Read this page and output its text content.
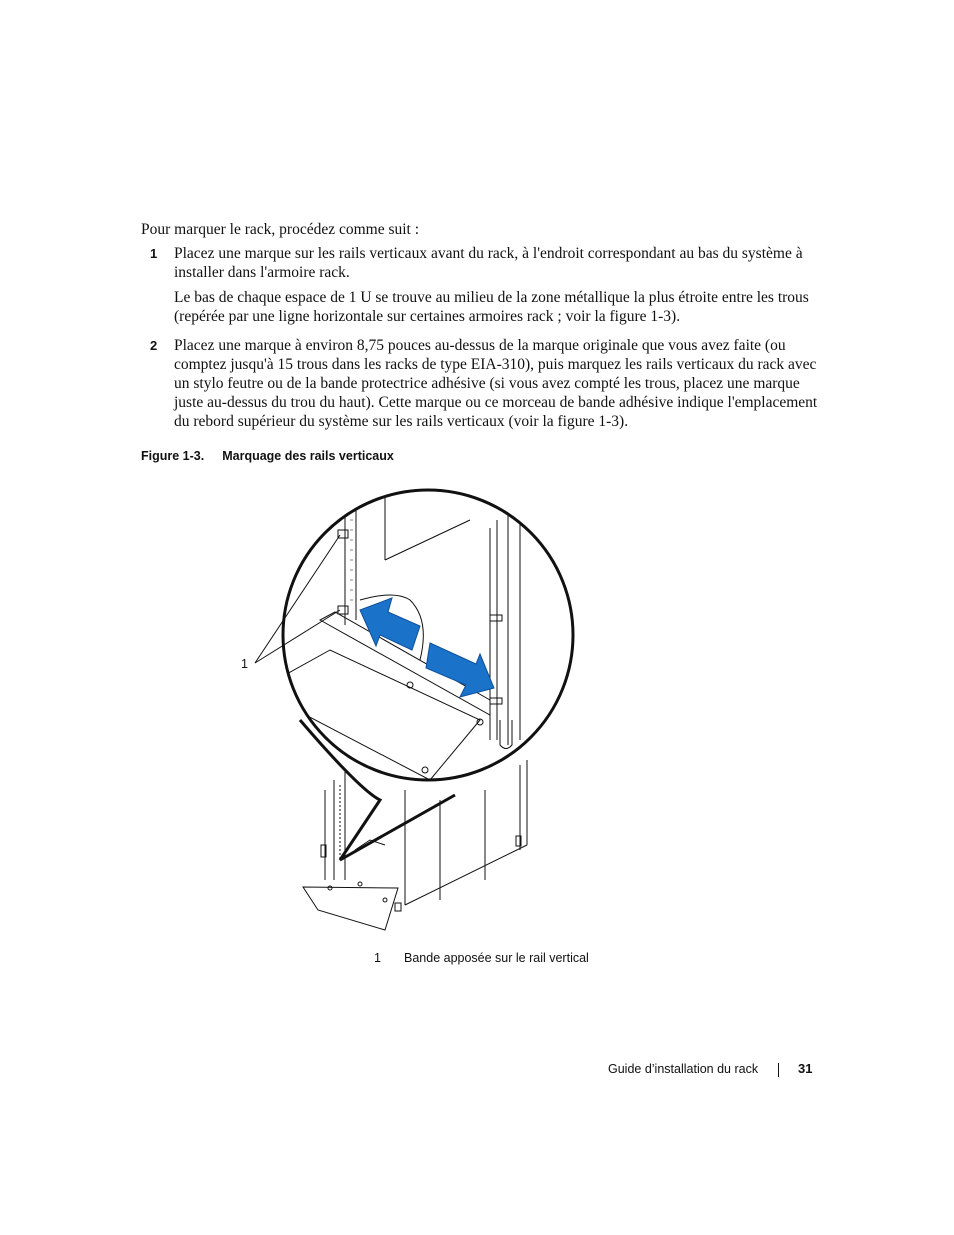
Pour marquer le rack, procédez comme suit :
1 Placez une marque sur les rails verticaux avant du rack, à l'endroit correspondant au bas du système à installer dans l'armoire rack.
Le bas de chaque espace de 1 U se trouve au milieu de la zone métallique la plus étroite entre les trous (repérée par une ligne horizontale sur certaines armoires rack ; voir la figure 1-3).
2 Placez une marque à environ 8,75 pouces au-dessus de la marque originale que vous avez faite (ou comptez jusqu'à 15 trous dans les racks de type EIA-310), puis marquez les rails verticaux du rack avec un stylo feutre ou de la bande protectrice adhésive (si vous avez compté les trous, placez une marque juste au-dessus du trou du haut). Cette marque ou ce morceau de bande adhésive indique l'emplacement du rebord supérieur du système sur les rails verticaux (voir la figure 1-3).
Figure 1-3. Marquage des rails verticaux
1
1 Bande apposée sur le rail vertical
Guide d’installation du rack	31
